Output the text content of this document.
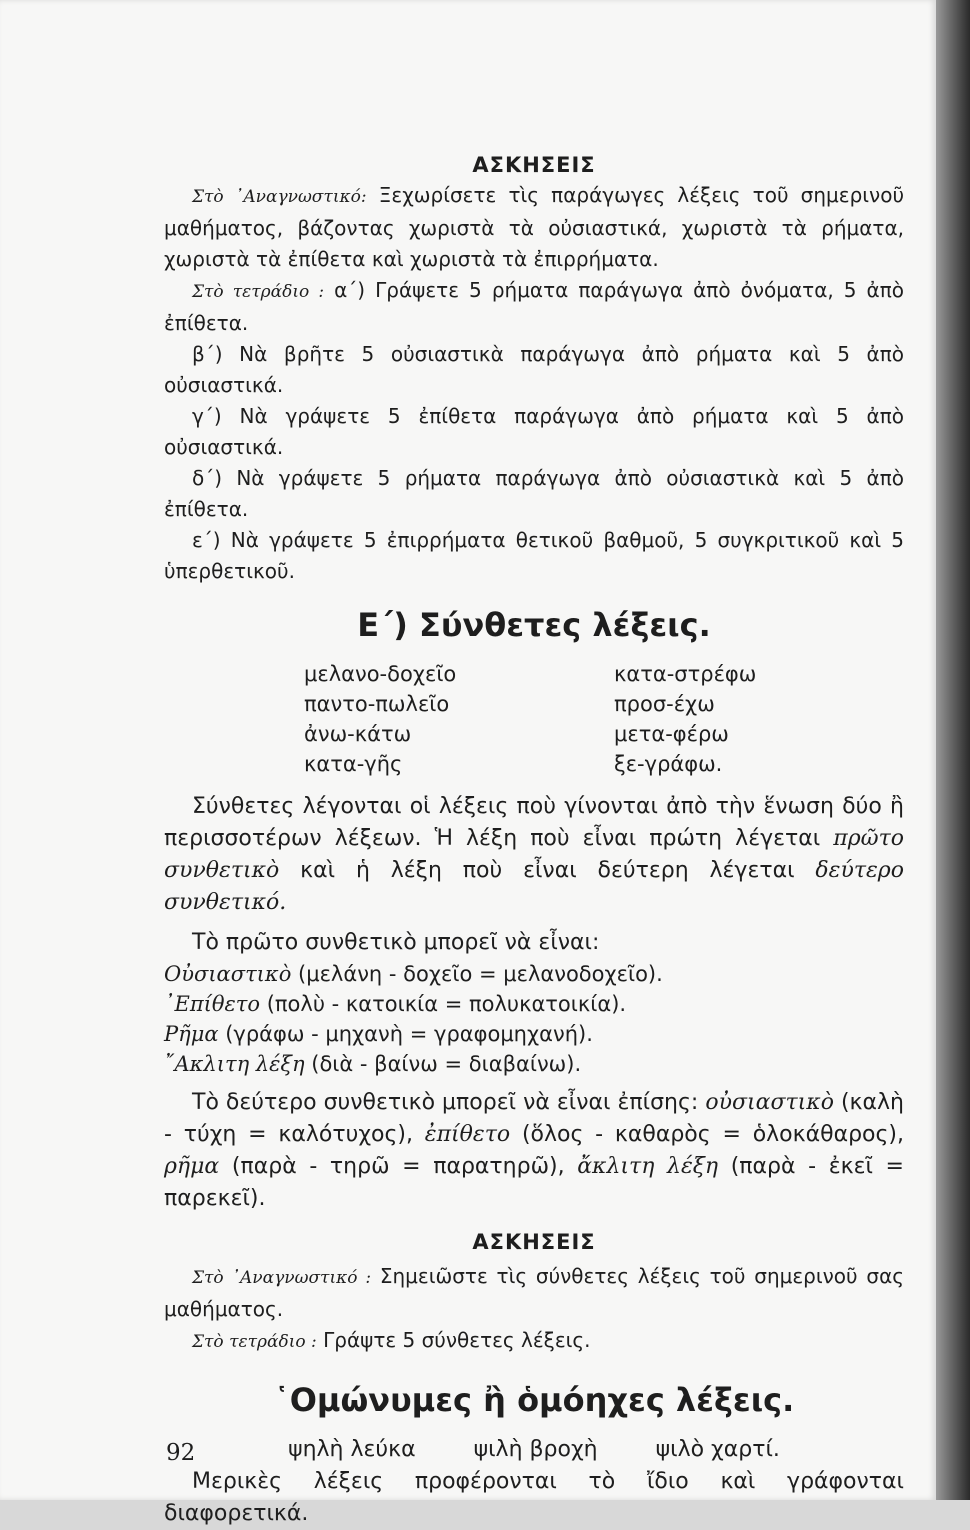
ΑΣΚΗΣΕΙΣ

Στὸ ᾿Αναγνωστικό: Ξεχωρίσετε τὶς παράγωγες λέξεις τοῦ σημερινοῦ μαθήματος, βάζοντας χωριστὰ τὰ οὐσιαστικά, χωριστὰ τὰ ρήματα, χωριστὰ τὰ ἐπίθετα καὶ χωριστὰ τὰ ἐπιρρήματα.

Στὸ τετράδιο : α΄) Γράψετε 5 ρήματα παράγωγα ἀπὸ ὀνόματα, 5 ἀπὸ ἐπίθετα.

β΄) Νὰ βρῆτε 5 οὐσιαστικὰ παράγωγα ἀπὸ ρήματα καὶ 5 ἀπὸ οὐσιαστικά.

γ΄) Νὰ γράψετε 5 ἐπίθετα παράγωγα ἀπὸ ρήματα καὶ 5 ἀπὸ οὐσιαστικά.

δ΄) Νὰ γράψετε 5 ρήματα παράγωγα ἀπὸ οὐσιαστικὰ καὶ 5 ἀπὸ ἐπίθετα.

ε΄) Νὰ γράψετε 5 ἐπιρρήματα θετικοῦ βαθμοῦ, 5 συγκριτικοῦ καὶ 5 ὑπερθετικοῦ.

Ε΄) Σύνθετες λέξεις.
μελανο-δοχεῖο	κατα-στρέφω
παντο-πωλεῖο	προσ-έχω
ἀνω-κάτω	μετα-φέρω
κατα-γῆς	ξε-γράφω.

Σύνθετες λέγονται οἱ λέξεις ποὺ γίνονται ἀπὸ τὴν ἕνωση δύο ἢ περισσοτέρων λέξεων. Ἡ λέξη ποὺ εἶναι πρώτη λέγεται πρῶτο συνθετικὸ καὶ ἡ λέξη ποὺ εἶναι δεύτερη λέγεται δεύτερο συνθετικό.

Τὸ πρῶτο συνθετικὸ μπορεῖ νὰ εἶναι:

Οὐσιαστικὸ (μελάνη - δοχεῖο = μελανοδοχεῖο).

᾿Επίθετο (πολὺ - κατοικία = πολυκατοικία).

Ρῆμα (γράφω - μηχανὴ = γραφομηχανή).

῎Ακλιτη λέξη (διὰ - βαίνω = διαβαίνω).

Τὸ δεύτερο συνθετικὸ μπορεῖ νὰ εἶναι ἐπίσης: οὐσιαστικὸ (καλὴ - τύχη = καλότυχος), ἐπίθετο (ὅλος - καθαρὸς = ὁλοκάθαρος), ρῆμα (παρὰ - τηρῶ = παρατηρῶ), ἄκλιτη λέξη (παρὰ - ἐκεῖ = παρεκεῖ).

ΑΣΚΗΣΕΙΣ

Στὸ ᾿Αναγνωστικό : Σημειῶστε τὶς σύνθετες λέξεις τοῦ σημερινοῦ σας μαθήματος.

Στὸ τετράδιο : Γράψτε 5 σύνθετες λέξεις.

῾Ομώνυμες ἢ ὁμόηχες λέξεις.
ψηλὴ λεύκα	ψιλὴ βροχὴ	ψιλὸ χαρτί.

Μερικὲς λέξεις προφέρονται τὸ ἴδιο καὶ γράφονται διαφορετικά.

92
